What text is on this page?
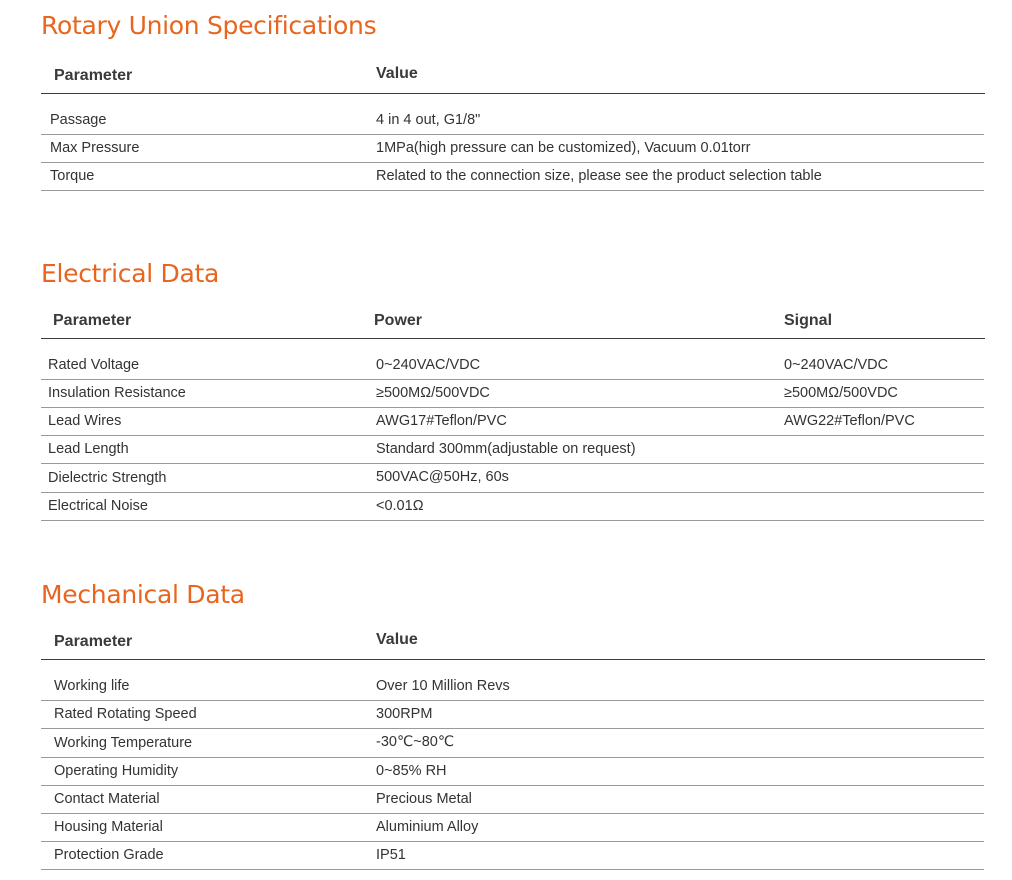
Rotary Union Specifications
Parameter	Value
Passage	4 in 4 out, G1/8"
Max Pressure	1MPa(high pressure can be customized), Vacuum 0.01torr
Torque	Related to the connection size, please see the product selection table
Electrical Data
Parameter	Power	Signal
Rated Voltage	0~240VAC/VDC	0~240VAC/VDC
Insulation Resistance	≥500MΩ/500VDC	≥500MΩ/500VDC
Lead Wires	AWG17#Teflon/PVC	AWG22#Teflon/PVC
Lead Length	Standard 300mm(adjustable on request)
Dielectric Strength	500VAC@50Hz, 60s
Electrical Noise	<0.01Ω
Mechanical Data
Parameter	Value
Working life	Over 10 Million Revs
Rated Rotating Speed	300RPM
Working Temperature	-30℃~80℃
Operating Humidity	0~85% RH
Contact Material	Precious Metal
Housing Material	Aluminium Alloy
Protection Grade	IP51
